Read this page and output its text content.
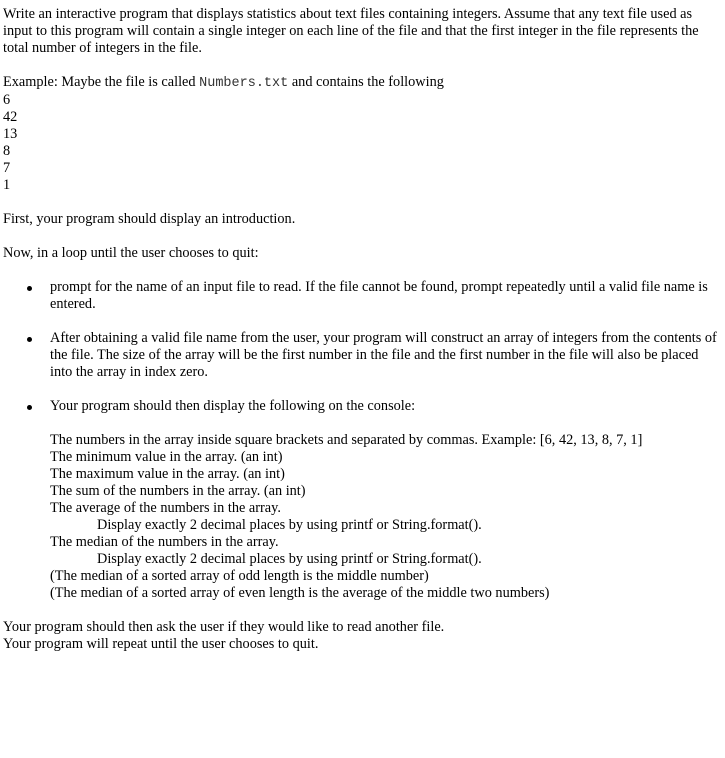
Write an interactive program that displays statistics about text files containing integers. Assume that any text file used as input to this program will contain a single integer on each line of the file and that the first integer in the file represents the total number of integers in the file.

Example: Maybe the file is called Numbers.txt and contains the following

6
42
13
8
7
1

First, your program should display an introduction.

Now, in a loop until the user chooses to quit:

prompt for the name of an input file to read. If the file cannot be found, prompt repeatedly until a valid file name is entered.
After obtaining a valid file name from the user, your program will construct an array of integers from the contents of the file. The size of the array will be the first number in the file and the first number in the file will also be placed into the array in index zero.
Your program should then display the following on the console:

The numbers in the array inside square brackets and separated by commas. Example: [6, 42, 13, 8, 7, 1]

The minimum value in the array. (an int)

The maximum value in the array. (an int)

The sum of the numbers in the array. (an int)

The average of the numbers in the array.

Display exactly 2 decimal places by using printf or String.format().

The median of the numbers in the array.

Display exactly 2 decimal places by using printf or String.format().

(The median of a sorted array of odd length is the middle number)

(The median of a sorted array of even length is the average of the middle two numbers)

Your program should then ask the user if they would like to read another file.

Your program will repeat until the user chooses to quit.
